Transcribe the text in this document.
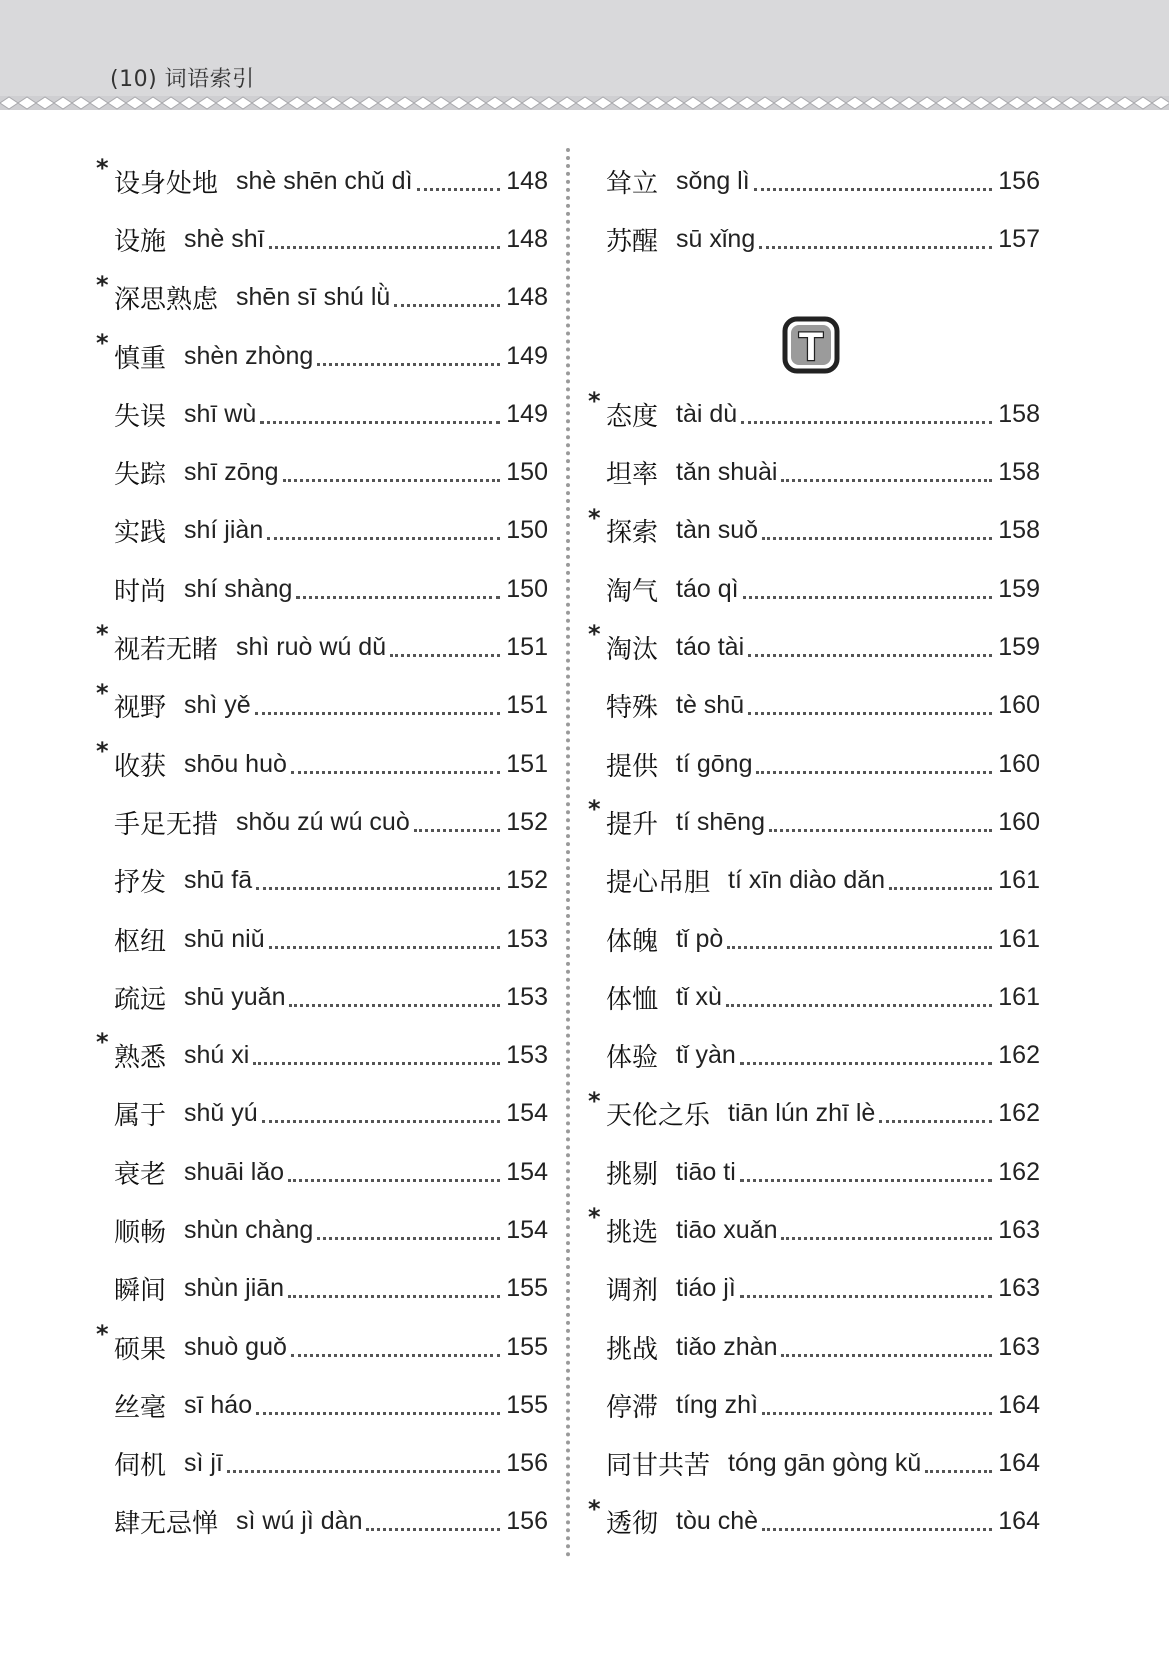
(10) 词语索引
*
设身处地 shè shēn chǔ dì	148
设施 shè shī	148
*
深思熟虑 shēn sī shú lǜ	148
*
慎重 shèn zhòng	149
失误 shī wù	149
失踪 shī zōng	150
实践 shí jiàn	150
时尚 shí shàng	150
*
视若无睹 shì ruò wú dǔ	151
*
视野 shì yě	151
*
收获 shōu huò	151
手足无措 shǒu zú wú cuò	152
抒发 shū fā	152
枢纽 shū niǔ	153
疏远 shū yuǎn	153
*
熟悉 shú xi	153
属于 shǔ yú	154
衰老 shuāi lǎo	154
顺畅 shùn chàng	154
瞬间 shùn jiān	155
*
硕果 shuò guǒ	155
丝毫 sī háo	155
伺机 sì jī	156
肆无忌惮 sì wú jì dàn	156
耸立 sǒng lì	156
苏醒 sū xǐng	157
*
态度 tài dù	158
坦率 tǎn shuài	158
*
探索 tàn suǒ	158
淘气 táo qì	159
*
淘汰 táo tài	159
特殊 tè shū	160
提供 tí gōng	160
*
提升 tí shēng	160
提心吊胆 tí xīn diào dǎn	161
体魄 tǐ pò	161
体恤 tǐ xù	161
体验 tǐ yàn	162
*
天伦之乐 tiān lún zhī lè	162
挑剔 tiāo ti	162
*
挑选 tiāo xuǎn	163
调剂 tiáo jì	163
挑战 tiǎo zhàn	163
停滞 tíng zhì	164
同甘共苦 tóng gān gòng kǔ	164
*
透彻 tòu chè	164
T
